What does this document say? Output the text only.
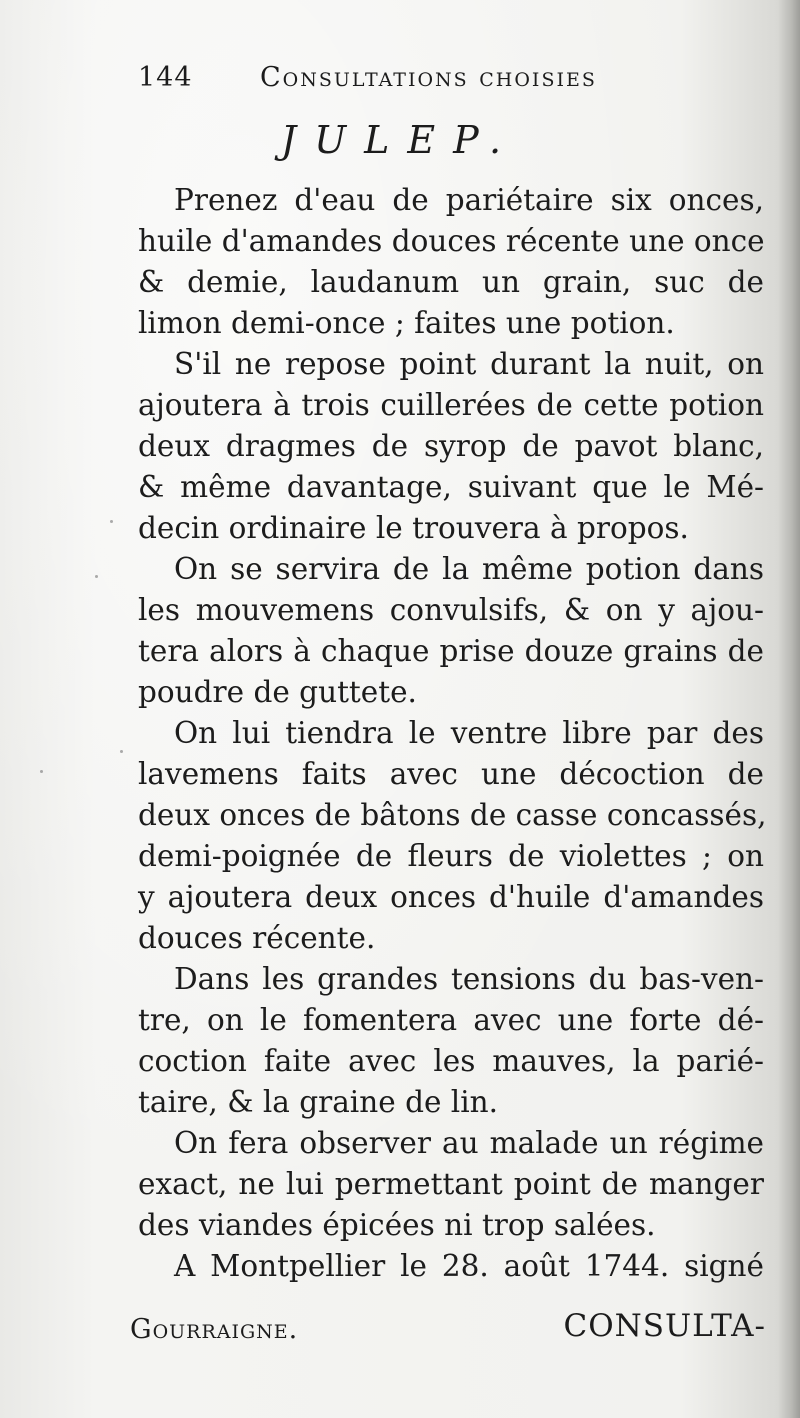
144 Consultations choisies
JULEP.
Prenez d'eau de pariétaire six onces,
huile d'amandes douces récente une once
& demie, laudanum un grain, suc de
limon demi-once ; faites une potion.
S'il ne repose point durant la nuit, on
ajoutera à trois cuillerées de cette potion
deux dragmes de syrop de pavot blanc,
& même davantage, suivant que le Mé-
decin ordinaire le trouvera à propos.
On se servira de la même potion dans
les mouvemens convulsifs, & on y ajou-
tera alors à chaque prise douze grains de
poudre de guttete.
On lui tiendra le ventre libre par des
lavemens faits avec une décoction de
deux onces de bâtons de casse concassés,
demi-poignée de fleurs de violettes ; on
y ajoutera deux onces d'huile d'amandes
douces récente.
Dans les grandes tensions du bas-ven-
tre, on le fomentera avec une forte dé-
coction faite avec les mauves, la parié-
taire, & la graine de lin.
On fera observer au malade un régime
exact, ne lui permettant point de manger
des viandes épicées ni trop salées.
A Montpellier le 28. août 1744. signé
Gourraigne.	CONSULTA-
